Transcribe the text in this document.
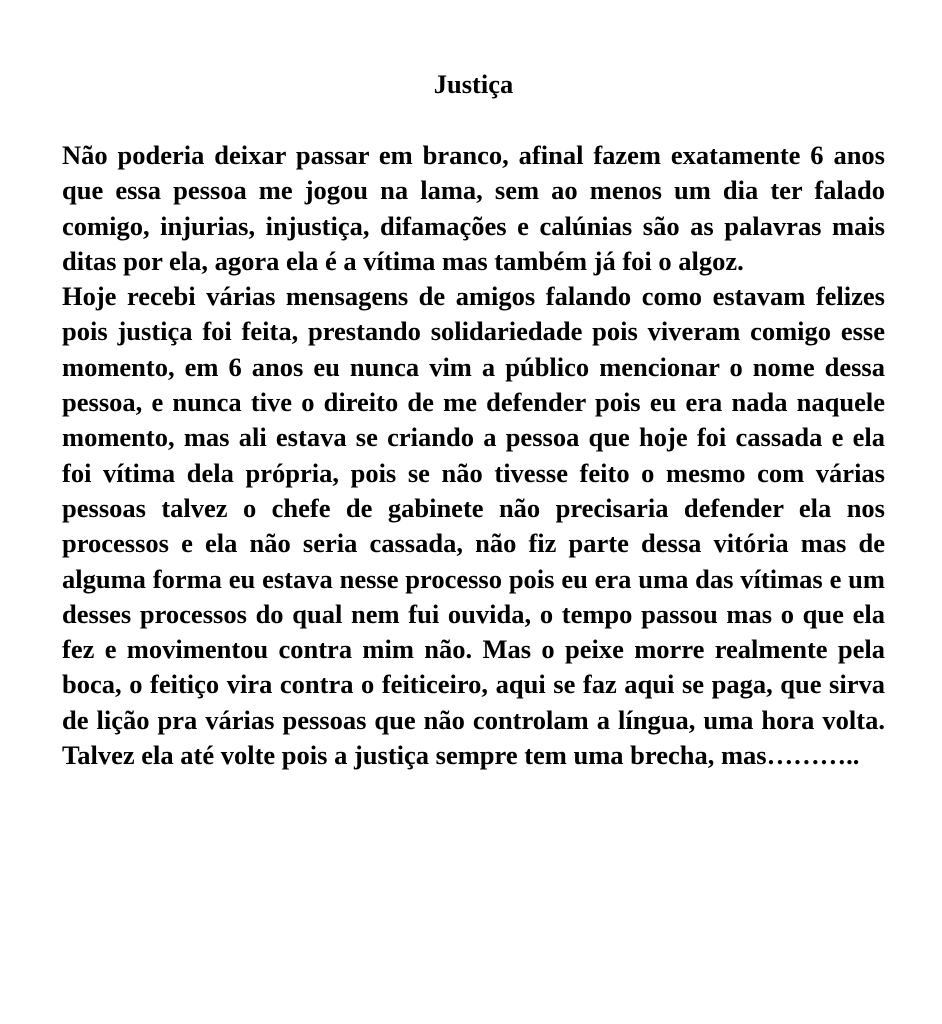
Justiça

Não poderia deixar passar em branco, afinal fazem exatamente 6 anos que essa pessoa me jogou na lama, sem ao menos um dia ter falado comigo, injurias, injustiça, difamações e calúnias são as palavras mais ditas por ela, agora ela é a vítima mas também já foi o algoz.

Hoje recebi várias mensagens de amigos falando como estavam felizes pois justiça foi feita, prestando solidariedade pois viveram comigo esse momento, em 6 anos eu nunca vim a público mencionar o nome dessa pessoa, e nunca tive o direito de me defender pois eu era nada naquele momento, mas ali estava se criando a pessoa que hoje foi cassada e ela foi vítima dela própria, pois se não tivesse feito o mesmo com várias pessoas talvez o chefe de gabinete não precisaria defender ela nos processos e ela não seria cassada, não fiz parte dessa vitória mas de alguma forma eu estava nesse processo pois eu era uma das vítimas e um desses processos do qual nem fui ouvida, o tempo passou mas o que ela fez e movimentou contra mim não. Mas o peixe morre realmente pela boca, o feitiço vira contra o feiticeiro, aqui se faz aqui se paga, que sirva de lição pra várias pessoas que não controlam a língua, uma hora volta. Talvez ela até volte pois a justiça sempre tem uma brecha, mas………..
